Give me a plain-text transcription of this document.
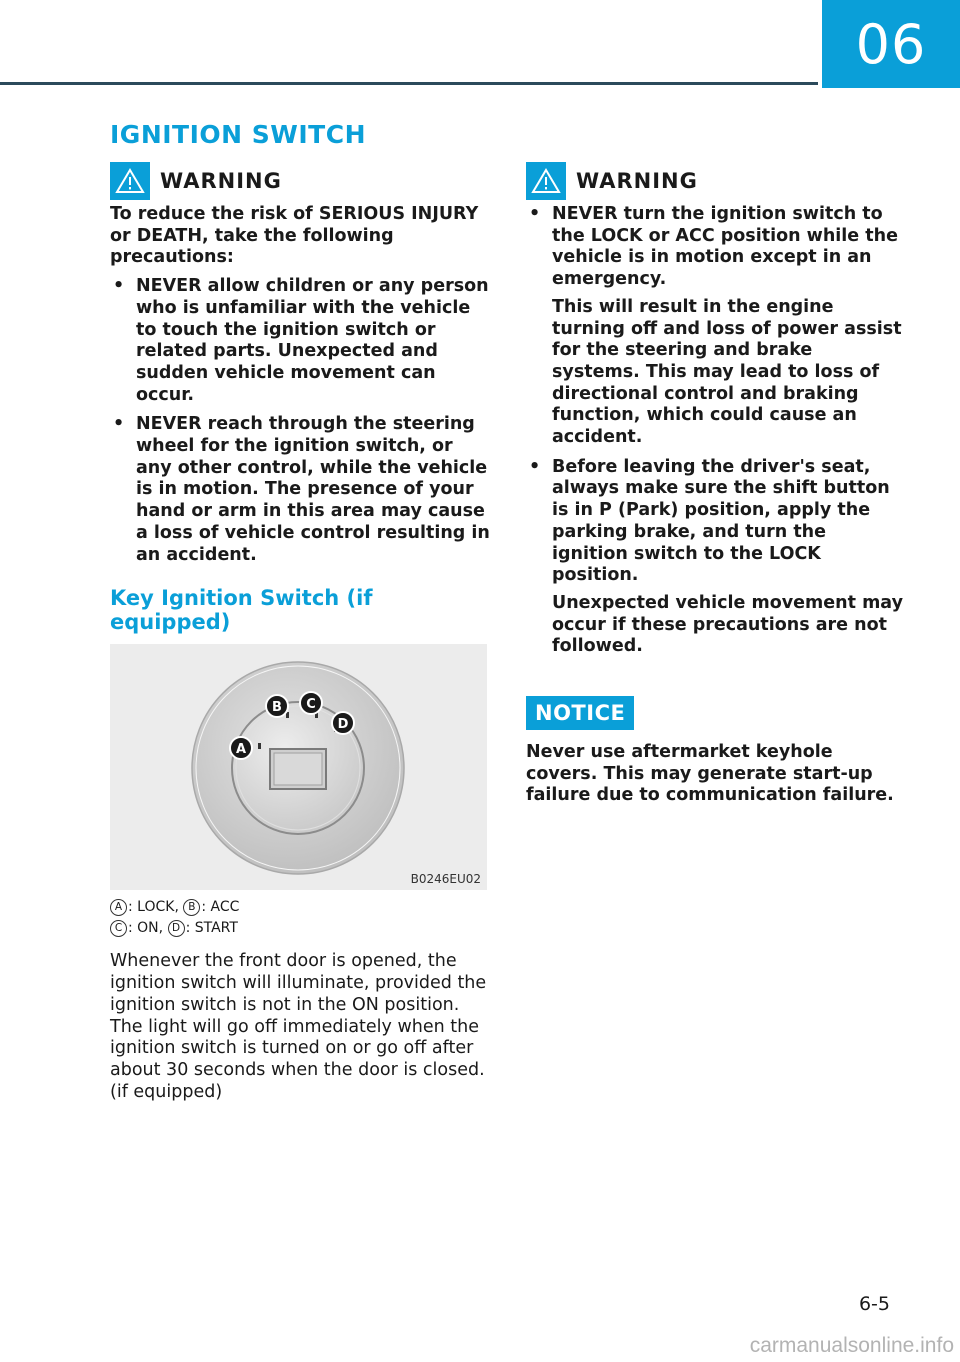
06
IGNITION SWITCH
WARNING

To reduce the risk of SERIOUS INJURY or DEATH, take the following precautions:

• NEVER allow children or any person who is unfamiliar with the vehicle to touch the ignition switch or related parts. Unexpected and sudden vehicle movement can occur.

• NEVER reach through the steering wheel for the ignition switch, or any other control, while the vehicle is in motion. The presence of your hand or arm in this area may cause a loss of vehicle control resulting in an accident.

Key Ignition Switch (if equipped)
A
B C
D
B0246EU02
A : LOCK, B : ACC
C : ON, D : START

Whenever the front door is opened, the ignition switch will illuminate, provided the ignition switch is not in the ON position. The light will go off immediately when the ignition switch is turned on or go off after about 30 seconds when the door is closed. (if equipped)

WARNING

• NEVER turn the ignition switch to the LOCK or ACC position while the vehicle is in motion except in an emergency.

This will result in the engine turning off and loss of power assist for the steering and brake systems. This may lead to loss of directional control and braking function, which could cause an accident.

• Before leaving the driver's seat, always make sure the shift button is in P (Park) position, apply the parking brake, and turn the ignition switch to the LOCK position.

Unexpected vehicle movement may occur if these precautions are not followed.

NOTICE

Never use aftermarket keyhole covers. This may generate start-up failure due to communication failure.

6-5
carmanualsonline.info
